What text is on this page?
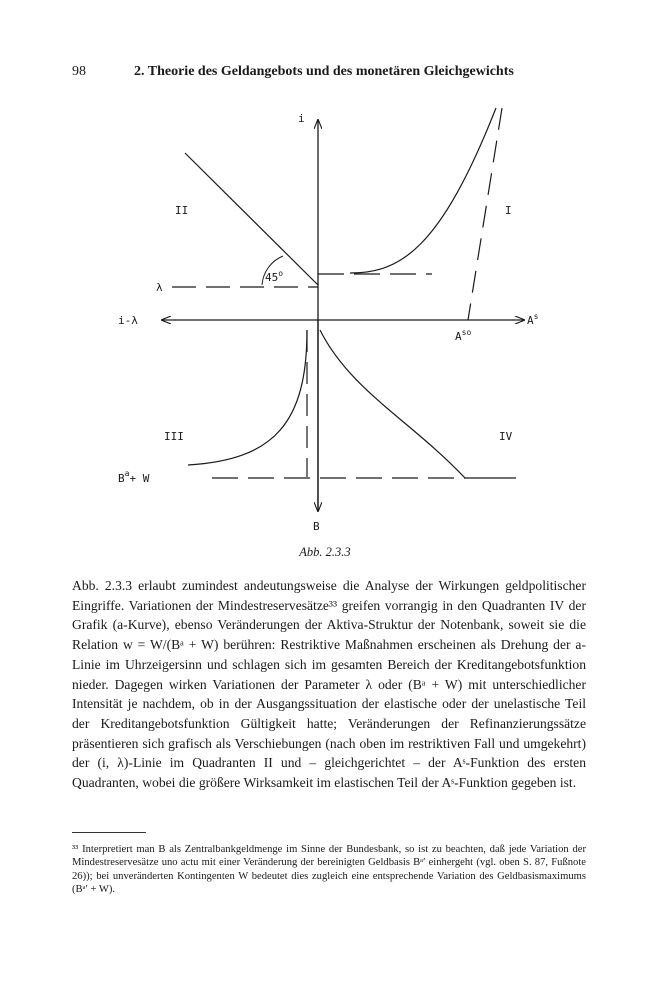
98	2. Theorie des Geldangebots und des monetären Gleichgewichts
45$^o$
i
i-λ	$A^s$
B
I
II
III	IV
λ
$A^{so}$
$B^a+ W$
Abb. 2.3.3

Abb. 2.3.3 erlaubt zumindest andeutungsweise die Analyse der Wirkungen geldpolitischer Eingriffe. Variationen der Mindestreservesätze³³ greifen vorrangig in den Quadranten IV der Grafik (a-Kurve), ebenso Veränderungen der Aktiva-Struktur der Notenbank, soweit sie die Relation w = W/(Bᵃ + W) berühren: Restriktive Maßnahmen erscheinen als Drehung der a-Linie im Uhrzeigersinn und schlagen sich im gesamten Bereich der Kreditangebotsfunktion nieder. Dagegen wirken Variationen der Parameter λ oder (Bᵃ + W) mit unterschiedlicher Intensität je nachdem, ob in der Ausgangssituation der elastische oder der unelastische Teil der Kreditangebotsfunktion Gültigkeit hatte; Veränderungen der Refinanzierungssätze präsentieren sich grafisch als Verschiebungen (nach oben im restriktiven Fall und umgekehrt) der (i, λ)-Linie im Quadranten II und – gleichgerichtet – der Aˢ-Funktion des ersten Quadranten, wobei die größere Wirksamkeit im elastischen Teil der Aˢ-Funktion gegeben ist.

³³ Interpretiert man B als Zentralbankgeldmenge im Sinne der Bundesbank, so ist zu beachten, daß jede Variation der Mindestreservesätze uno actu mit einer Veränderung der bereinigten Geldbasis Bᵃ′ einhergeht (vgl. oben S. 87, Fußnote 26)); bei unveränderten Kontingenten W bedeutet dies zugleich eine entsprechende Variation des Geldbasismaximums (Bᵃ′ + W).
